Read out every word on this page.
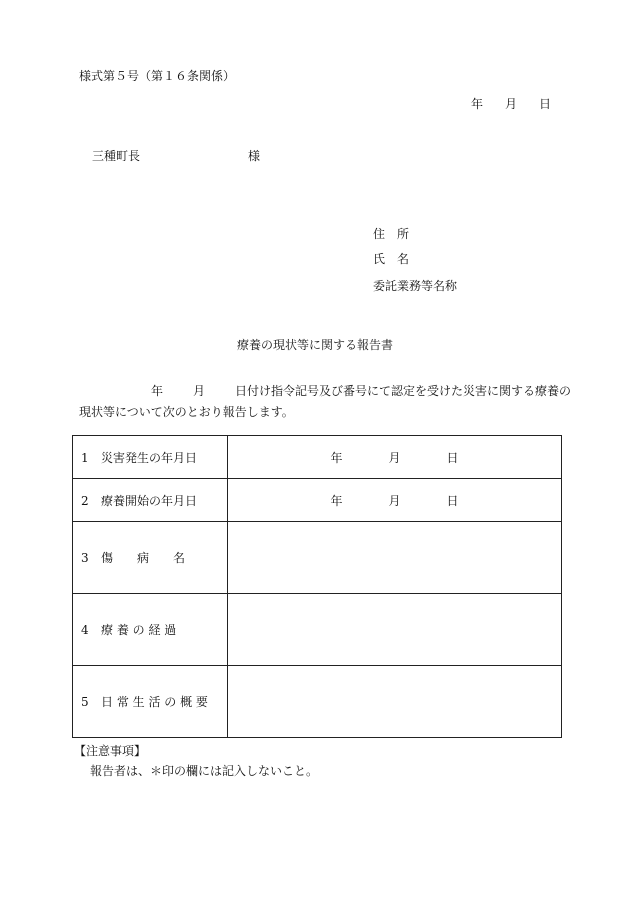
様式第５号（第１６条関係）
年 月 日
三種町長	様
住　所
氏　名
委託業務等名称
療養の現状等に関する報告書
年	月	日付け指令記号及び番号にて認定を受けた災害に関する療養の現状等について次のとおり報告します。
1 災害発生の年月日	年 月 日
2 療養開始の年月日	年 月 日
3 傷　　病　　名	
4 療 養 の 経 過	
5 日 常 生 活 の 概 要	
【注意事項】
報告者は、＊印の欄には記入しないこと。
